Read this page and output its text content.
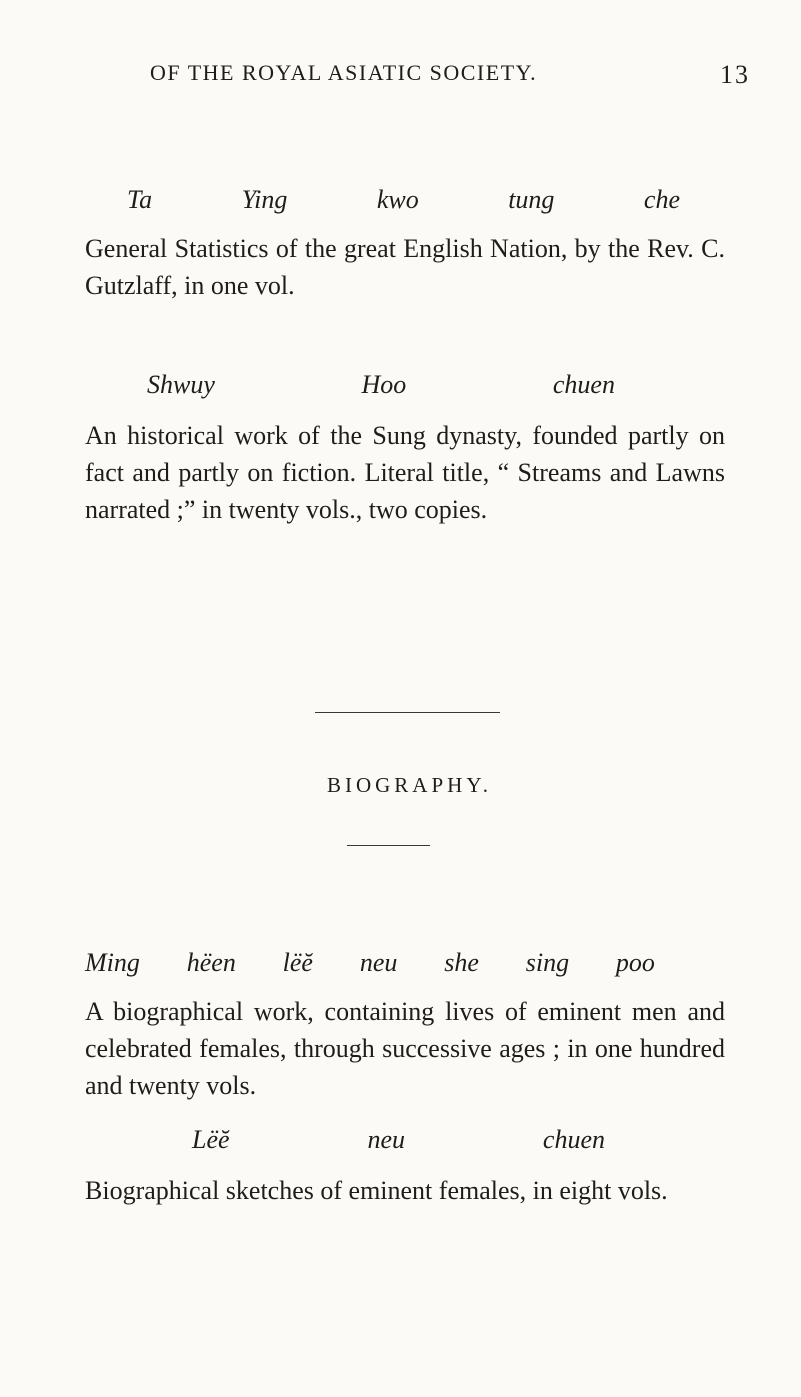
OF THE ROYAL ASIATIC SOCIETY.	13
Ta	Ying	kwo	tung	che

General Statistics of the great English Nation, by the Rev. C. Gutzlaff, in one vol.

Shwuy	Hoo	chuen

An historical work of the Sung dynasty, founded partly on fact and partly on fiction. Literal title, “ Streams and Lawns narrated ;” in twenty vols., two copies.

BIOGRAPHY.
Ming hëen lëĕ neu she sing poo

A biographical work, containing lives of eminent men and celebrated females, through successive ages ; in one hundred and twenty vols.

Lëĕ	neu	chuen

Biographical sketches of eminent females, in eight vols.
